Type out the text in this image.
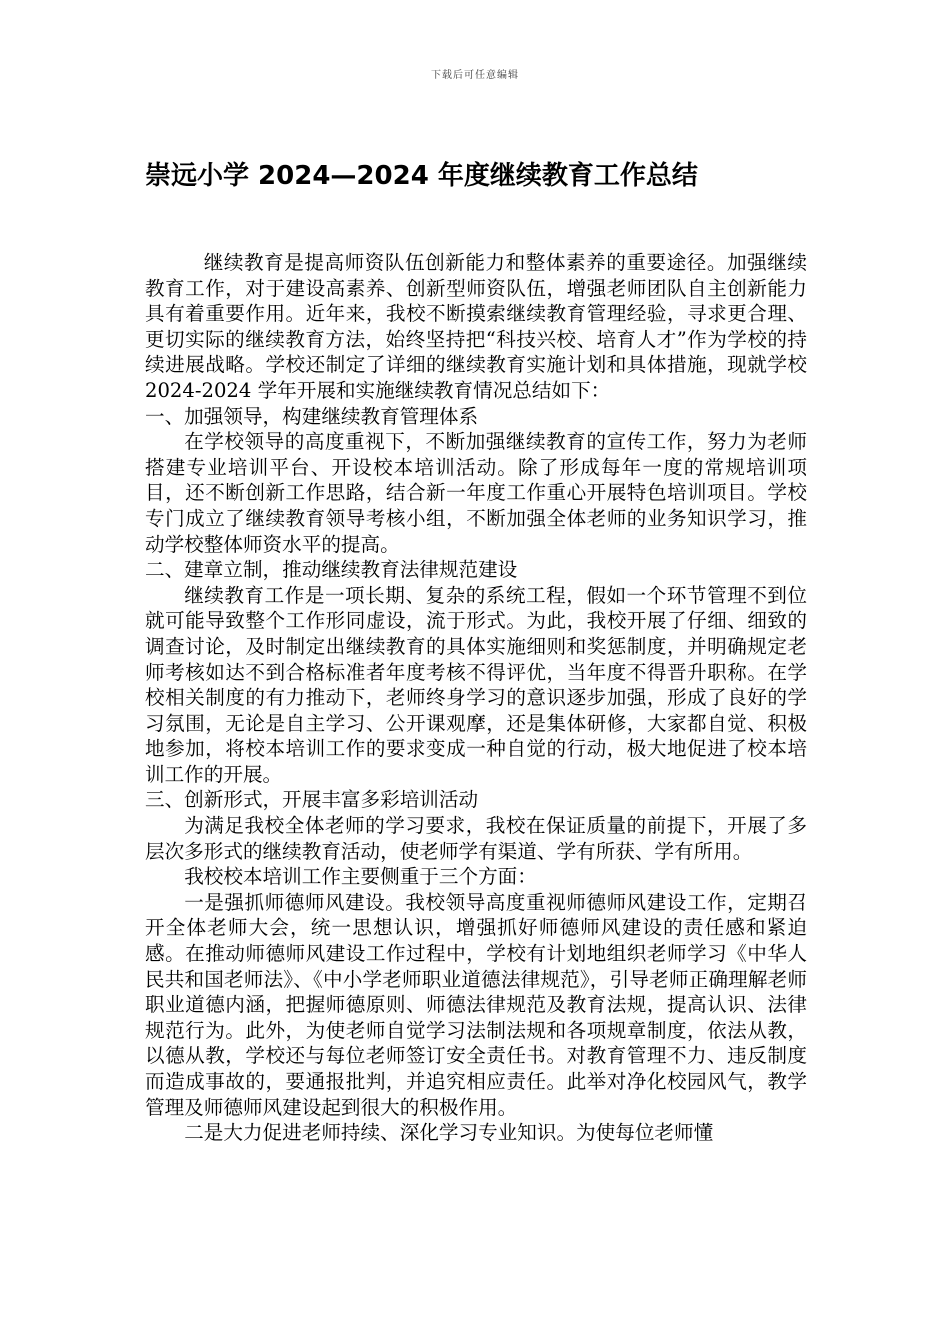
下载后可任意编辑
崇远小学 2024—2024 年度继续教育工作总结

继续教育是提高师资队伍创新能力和整体素养的重要途径。加强继续教育工作，对于建设高素养、创新型师资队伍，增强老师团队自主创新能力具有着重要作用。近年来，我校不断摸索继续教育管理经验，寻求更合理、更切实际的继续教育方法，始终坚持把“科技兴校、培育人才”作为学校的持续进展战略。学校还制定了详细的继续教育实施计划和具体措施，现就学校 2024-2024 学年开展和实施继续教育情况总结如下：

一、加强领导，构建继续教育管理体系

在学校领导的高度重视下，不断加强继续教育的宣传工作，努力为老师搭建专业培训平台、开设校本培训活动。除了形成每年一度的常规培训项目，还不断创新工作思路，结合新一年度工作重心开展特色培训项目。学校专门成立了继续教育领导考核小组，不断加强全体老师的业务知识学习，推动学校整体师资水平的提高。

二、建章立制，推动继续教育法律规范建设

继续教育工作是一项长期、复杂的系统工程，假如一个环节管理不到位就可能导致整个工作形同虚设，流于形式。为此，我校开展了仔细、细致的调查讨论，及时制定出继续教育的具体实施细则和奖惩制度，并明确规定老师考核如达不到合格标准者年度考核不得评优，当年度不得晋升职称。在学校相关制度的有力推动下，老师终身学习的意识逐步加强，形成了良好的学习氛围，无论是自主学习、公开课观摩，还是集体研修，大家都自觉、积极地参加，将校本培训工作的要求变成一种自觉的行动，极大地促进了校本培训工作的开展。

三、创新形式，开展丰富多彩培训活动

为满足我校全体老师的学习要求，我校在保证质量的前提下，开展了多层次多形式的继续教育活动，使老师学有渠道、学有所获、学有所用。

我校校本培训工作主要侧重于三个方面：

一是强抓师德师风建设。我校领导高度重视师德师风建设工作，定期召开全体老师大会，统一思想认识，增强抓好师德师风建设的责任感和紧迫感。在推动师德师风建设工作过程中，学校有计划地组织老师学习《中华人民共和国老师法》、《中小学老师职业道德法律规范》，引导老师正确理解老师职业道德内涵，把握师德原则、师德法律规范及教育法规，提高认识、法律规范行为。此外，为使老师自觉学习法制法规和各项规章制度，依法从教，以德从教，学校还与每位老师签订安全责任书。对教育管理不力、违反制度而造成事故的，要通报批判，并追究相应责任。此举对净化校园风气，教学管理及师德师风建设起到很大的积极作用。

二是大力促进老师持续、深化学习专业知识。为使每位老师懂
